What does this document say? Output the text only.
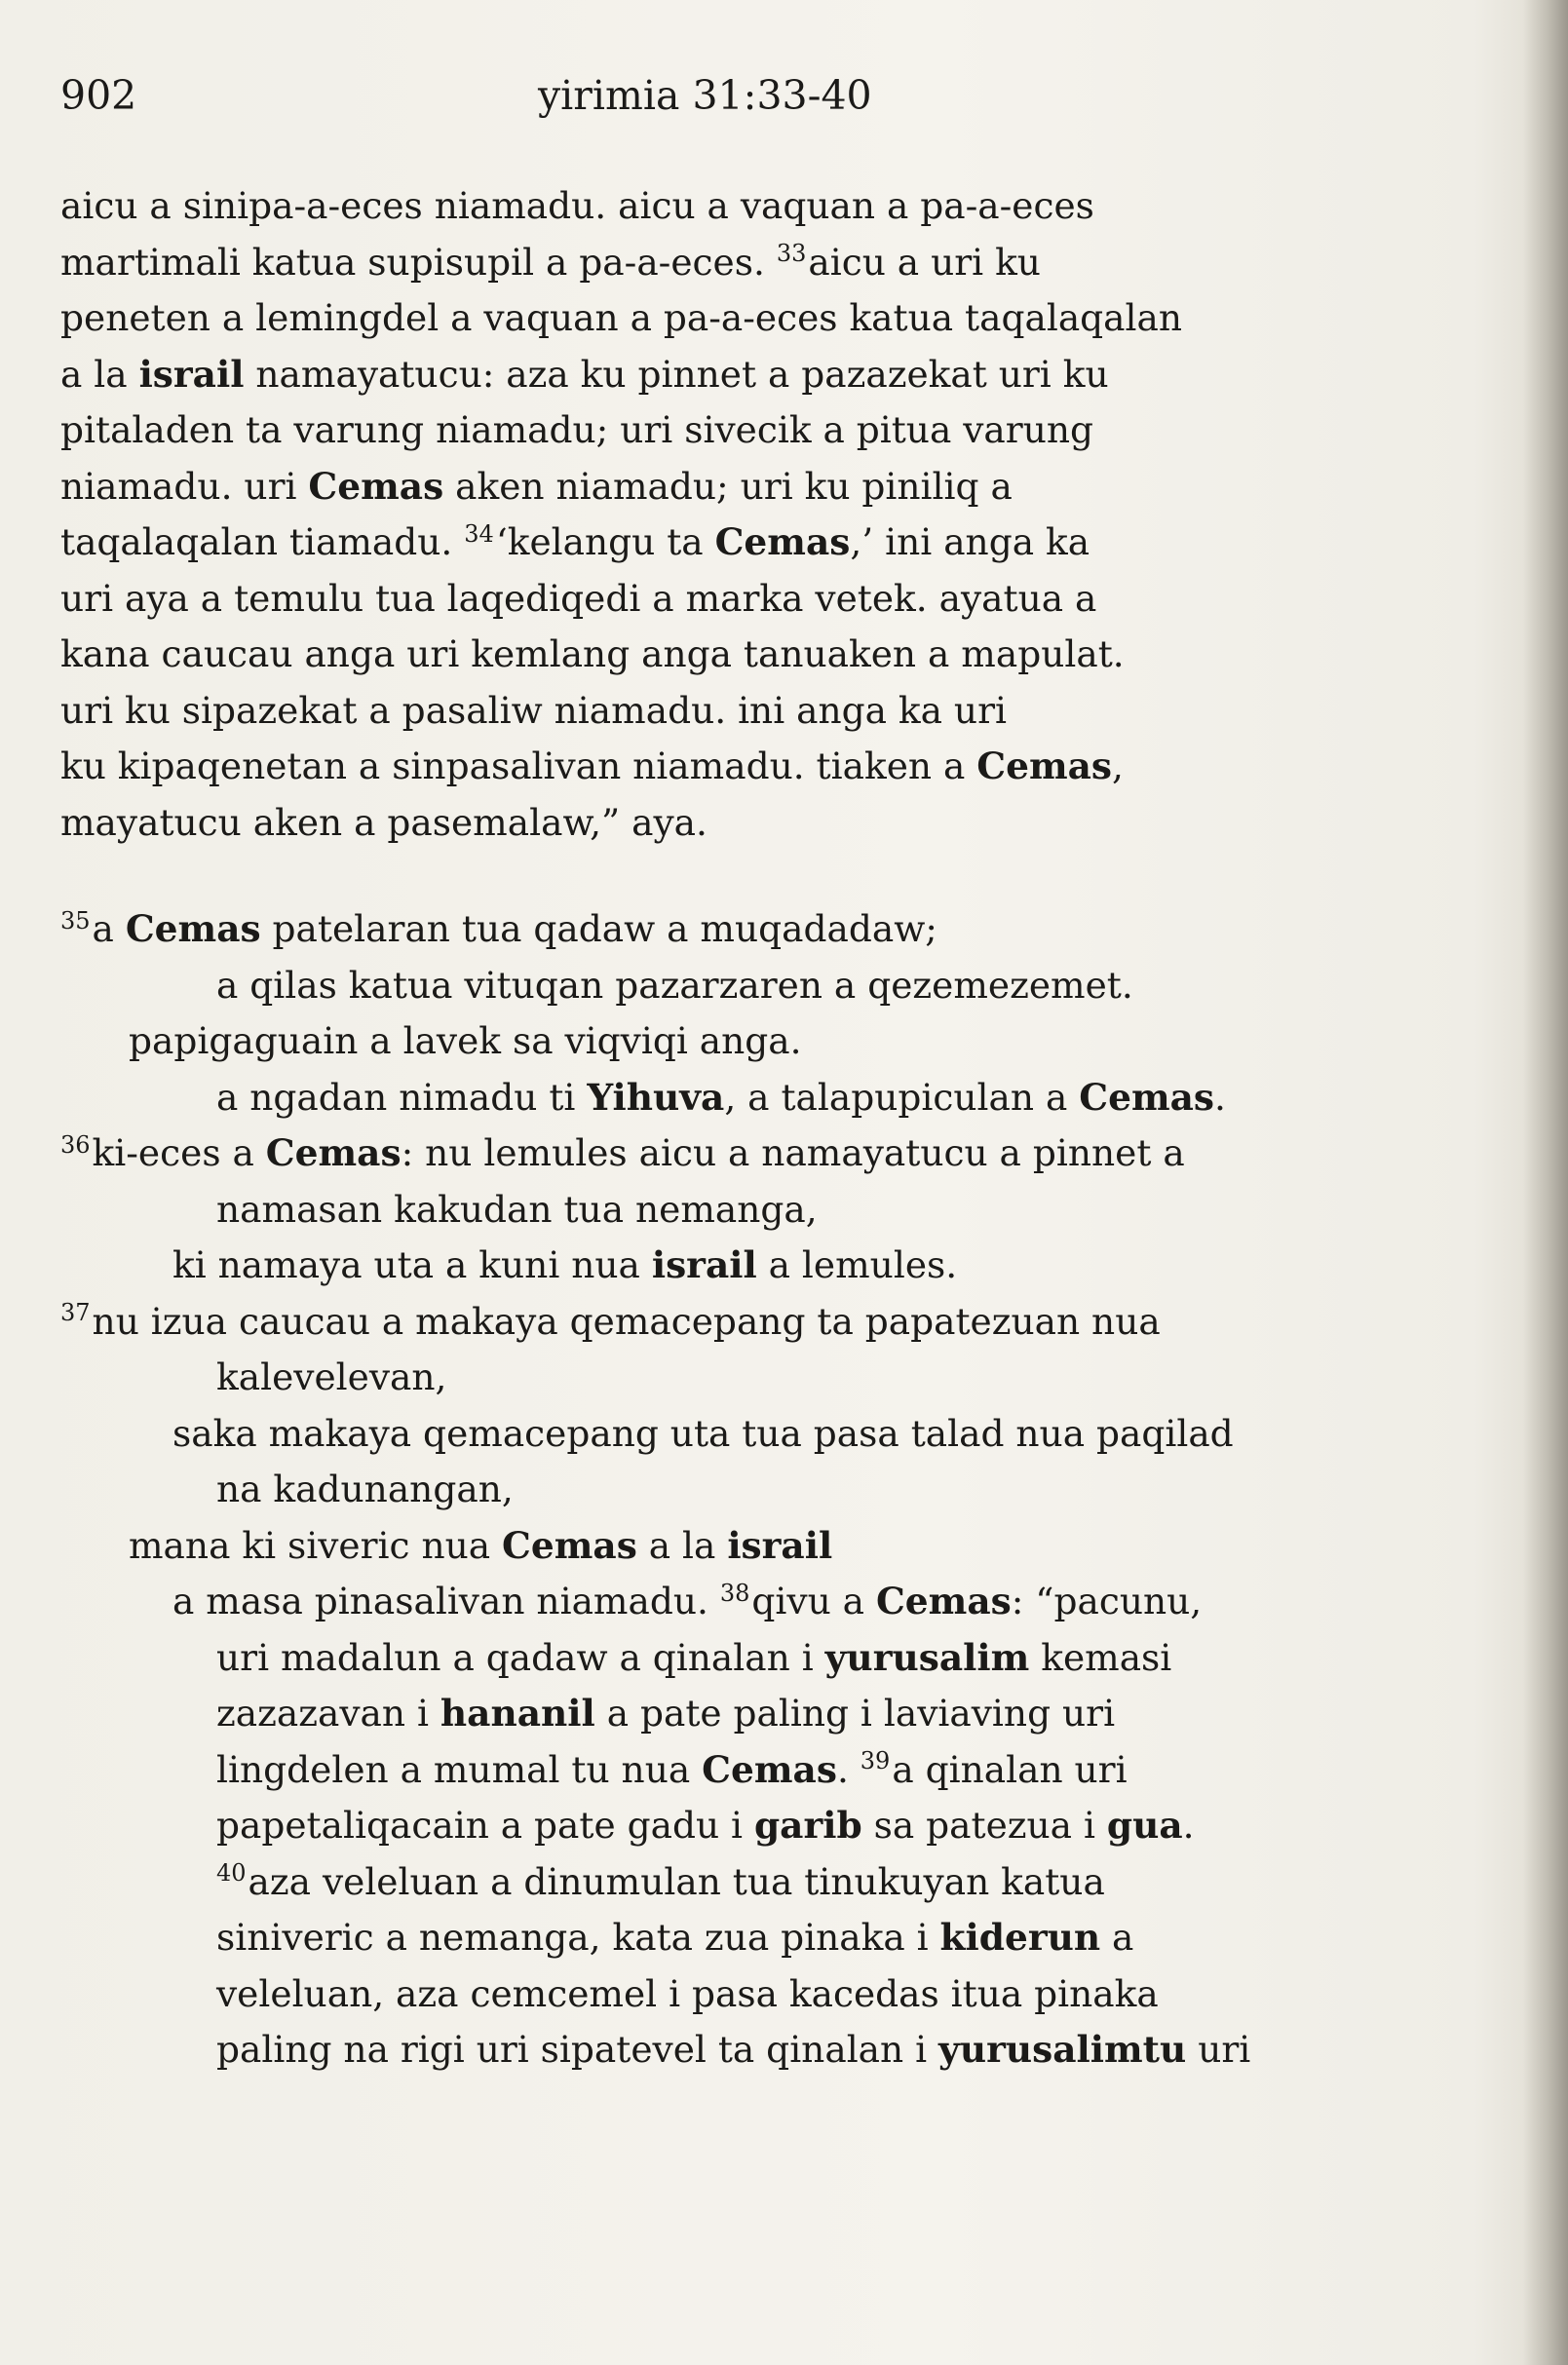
902	yirimia 31:33-40
aicu a sinipa-a-eces niamadu. aicu a vaquan a pa-a-eces
martimali katua supisupil a pa-a-eces. $^{33}$aicu a uri ku
peneten a lemingdel a vaquan a pa-a-eces katua taqalaqalan
a la israil namayatucu: aza ku pinnet a pazazekat uri ku
pitaladen ta varung niamadu; uri sivecik a pitua varung
niamadu. uri Cemas aken niamadu; uri ku piniliq a
taqalaqalan tiamadu. $^{34}$‘kelangu ta Cemas,’ ini anga ka
uri aya a temulu tua laqediqedi a marka vetek. ayatua a
kana caucau anga uri kemlang anga tanuaken a mapulat.
uri ku sipazekat a pasaliw niamadu. ini anga ka uri
ku kipaqenetan a sinpasalivan niamadu. tiaken a Cemas,
mayatucu aken a pasemalaw,” aya.
$^{35}$a Cemas patelaran tua qadaw a muqadadaw;
a qilas katua vituqan pazarzaren a qezemezemet.
papigaguain a lavek sa viqviqi anga.
a ngadan nimadu ti Yihuva, a talapupiculan a Cemas.
$^{36}$ki-eces a Cemas: nu lemules aicu a namayatucu a pinnet a
namasan kakudan tua nemanga,
ki namaya uta a kuni nua israil a lemules.
$^{37}$nu izua caucau a makaya qemacepang ta papatezuan nua
kalevelevan,
saka makaya qemacepang uta tua pasa talad nua paqilad
na kadunangan,
mana ki siveric nua Cemas a la israil
a masa pinasalivan niamadu. $^{38}$qivu a Cemas: “pacunu,
uri madalun a qadaw a qinalan i yurusalim kemasi
zazazavan i hananil a pate paling i laviaving uri
lingdelen a mumal tu nua Cemas. $^{39}$a qinalan uri
papetaliqacain a pate gadu i garib sa patezua i gua.
$^{40}$aza veleluan a dinumulan tua tinukuyan katua
siniveric a nemanga, kata zua pinaka i kiderun a
veleluan, aza cemcemel i pasa kacedas itua pinaka
paling na rigi uri sipatevel ta qinalan i yurusalimtu uri
